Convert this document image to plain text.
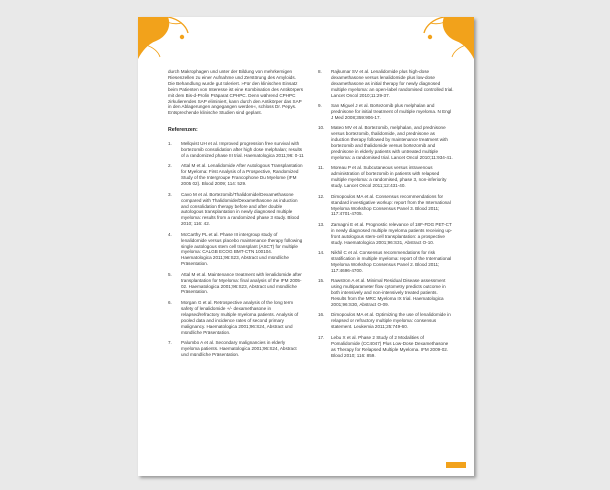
durch Makrophagen und unter der Bildung von mehrkernigen Riesenzellen zu einer Aufnahme und Zerstörung des Amyloids. Die Behandlung wurde gut toleriert. »Für den klinischen Einsatz beim Patienten von Interesse ist eine Kombination des Antikörpers mit dem Bis-d-Prolin Präparat CPHPC. Denn während CPHPC zirkulierendes SAP eliminiert, kann durch den Antikörper das SAP in den Ablagerungen angegangen werden«, schloss Dr. Pepys. Entsprechende klinische Studien sind geplant.

Referenzen:

1. Mellqvist UH et al. Improved progression free survival with bortezomib consolidation after high dose melphalan; results of a randomized phase III trial. Haematologica 2011;96: 0-11
2. Attal M et al. Lenalidomide After Autologous Transplantation for Myeloma: First Analysis of a Prospective, Randomized Study of the Intergroupe Francophone Du Myelome (IFM 2005 02). Blood 2009; 114: 529.
3. Cavo M et al. Bortezomib/Thalidomide/Dexamethasone compared with Thalidomide/Dexamethasone as induction and consolidation therapy before and after double autologous transplantation in newly diagnosed multiple myeloma: results from a randomized phase 3 study. Blood 2010; 116: 42.
4. McCarthy PL et al. Phase III intergroup study of lenalidomide versus placebo maintenance therapy following single autologous stem cell transplant (ASCT) for multiple myeloma: CALGB ECOG BMT-CTN 100104. Haematologica 2011;96:S23, Abstract und mündliche Präsentation.
5. Attal M et al. Maintenance treatment with lenalidomide after transplantation for Myeloma: final analysis of the IFM 2005-02. Haematologica 2001;96:S23, Abstract und mündliche Präsentation.
6. Morgan G et al. Retrospective analysis of the long term safety of lenalidomide +/- dexamethasone in relapsed/refractory multiple myeloma patients. Analysis of pooled data and incidence rates of second primary malignancy. Haematologica 2001;96:S24, Abstract und mündliche Präsentation.
7. Palumbo A et al. Secondary malignancies in elderly myeloma patients. Haematologica 2001;96:S24, Abstract und mündliche Präsentation.
8. Rajkumar SV et al. Lenalidomide plus high-dose dexamethasone versus lenalidomide plus low-dose dexamethasone as initial therapy for newly diagnosed multiple myeloma: an open-label randomised controlled trial. Lancet Oncol 2010;11:29-37.
9. San Miguel J et al. Bortezomib plus melphalan and prednisone for initial treatment of multiple myeloma. N Engl J Med 2008;359:906-17.
10. Mateo MV et al. Bortezomib, melphalan, and prednisone versus bortezomib, thalidomide, and prednisone as induction therapy followed by maintenance treatment with bortezomib and thalidomide versus bortezomib and prednisone in elderly patients with untreated multiple myeloma: a randomised trial. Lancet Oncol 2010;11:934-41.
11. Moreau P et al. Subcutaneous versus intravenous administration of bortezomib in patients with relapsed multiple myeloma: a randomised, phase 3, non-inferiority study. Lancet Oncol 2011;12:431-40.
12. Dimopoulos MA et al. Consensus recommendations for standard investigative workup: report from the International Myeloma Workshop Consensus Panel 3. Blood 2011; 117:4701-4705.
13. Zamagni E et al. Prognostic relevance of 18F-FDG PET-CT in newly diagnosed multiple myeloma patients receiving up-front autologous stem-cell transplantation: a prospective study. Haematologica 2001;96:S31, Abstract O-10.
14. Nikhil C et al. Consensus recommendations for risk stratification in multiple myeloma: report of the International Myeloma Workshop Consensus Panel 2. Blood 2011; 117:4696-4700.
15. Rawstron A et al. Minimal Residual Disease assessment using multiparameter flow cytometry predicts outcome in both intensively and non-intensively treated patients. Results from the MRC Myeloma IX trial. Haematologica 2001;96:S30, Abstract O-09.
16. Dimopoulos MA et al. Optimizing the use of lenalidomide in relapsed or refractory multiple myeloma: consensus statement. Leukemia 2011;25:749-60.
17. Lebu X et al. Phase 2 Study of 2 Modalities of Pomalidomide (CC4047) Plus Low-Dose Dexamethasone as Therapy for Relapsed Multiple Myeloma. IFM 2009-02. Blood 2010; 116: 859.
